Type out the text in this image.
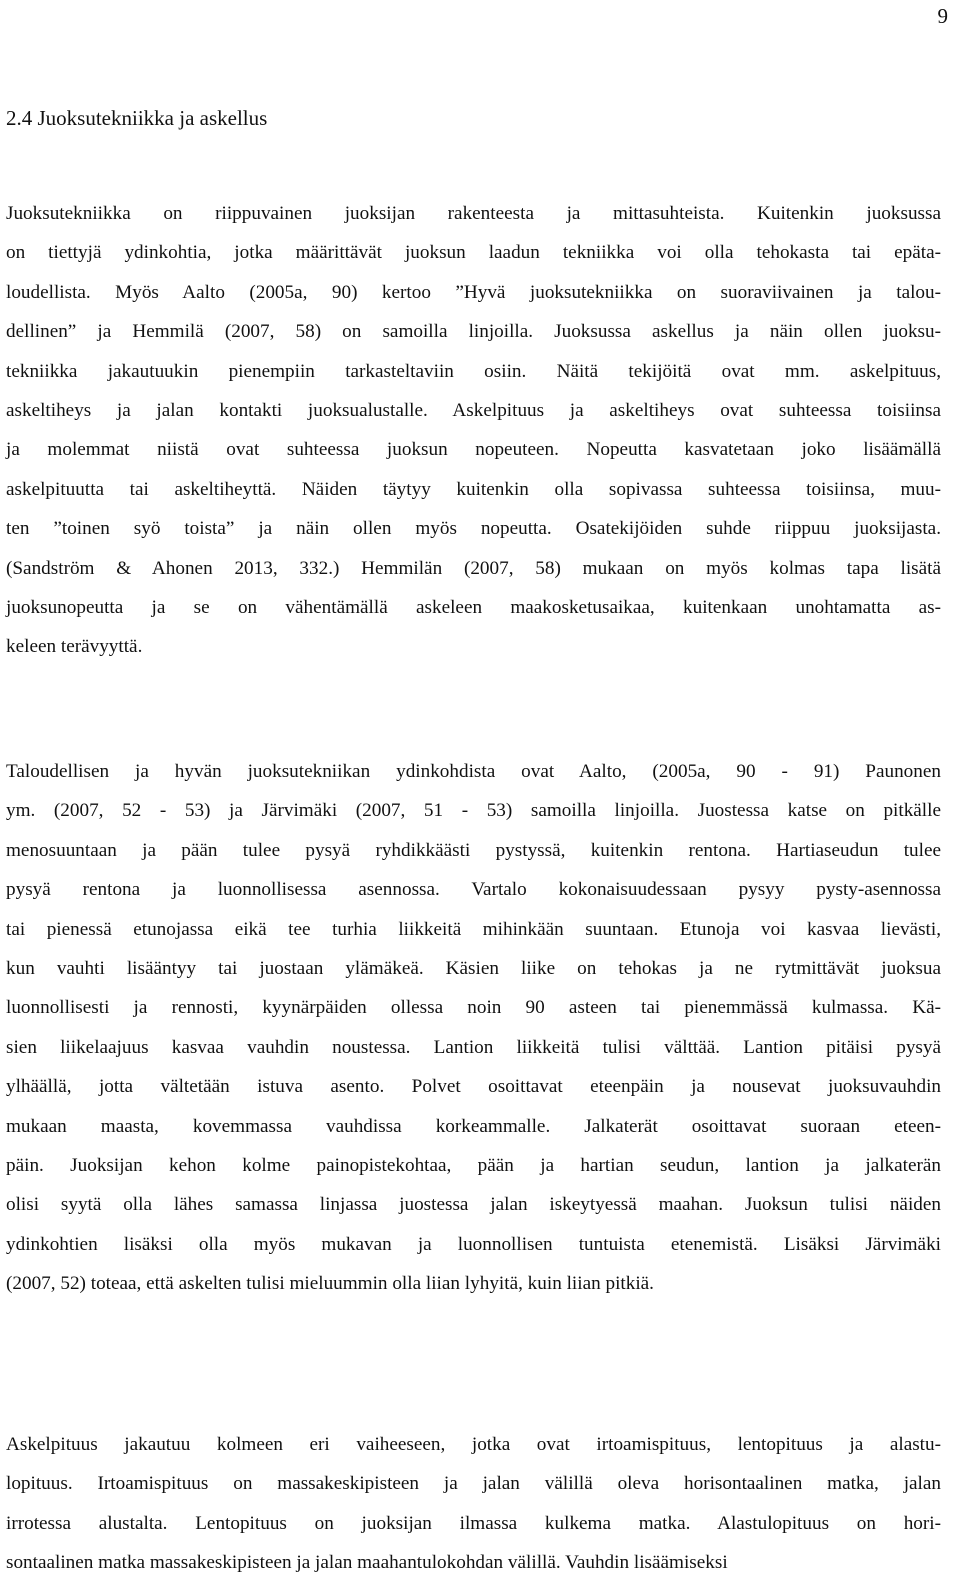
9
2.4 Juoksutekniikka ja askellus
Juoksutekniikka on riippuvainen juoksijan rakenteesta ja mittasuhteista. Kuitenkin juoksussa
on tiettyjä ydinkohtia, jotka määrittävät juoksun laadun tekniikka voi olla tehokasta tai epäta-
loudellista. Myös Aalto (2005a, 90) kertoo ”Hyvä juoksutekniikka on suoraviivainen ja talou-
dellinen” ja Hemmilä (2007, 58) on samoilla linjoilla. Juoksussa askellus ja näin ollen juoksu-
tekniikka jakautuukin pienempiin tarkasteltaviin osiin. Näitä tekijöitä ovat mm. askelpituus,
askeltiheys ja jalan kontakti juoksualustalle. Askelpituus ja askeltiheys ovat suhteessa toisiinsa
ja molemmat niistä ovat suhteessa juoksun nopeuteen. Nopeutta kasvatetaan joko lisäämällä
askelpituutta tai askeltiheyttä. Näiden täytyy kuitenkin olla sopivassa suhteessa toisiinsa, muu-
ten ”toinen syö toista” ja näin ollen myös nopeutta. Osatekijöiden suhde riippuu juoksijasta.
(Sandström & Ahonen 2013, 332.) Hemmilän (2007, 58) mukaan on myös kolmas tapa lisätä
juoksunopeutta ja se on vähentämällä askeleen maakosketusaikaa, kuitenkaan unohtamatta as-
keleen terävyyttä.
Taloudellisen ja hyvän juoksutekniikan ydinkohdista ovat Aalto, (2005a, 90 - 91) Paunonen
ym. (2007, 52 - 53) ja Järvimäki (2007, 51 - 53) samoilla linjoilla. Juostessa katse on pitkälle
menosuuntaan ja pään tulee pysyä ryhdikkäästi pystyssä, kuitenkin rentona. Hartiaseudun tulee
pysyä rentona ja luonnollisessa asennossa. Vartalo kokonaisuudessaan pysyy pysty-asennossa
tai pienessä etunojassa eikä tee turhia liikkeitä mihinkään suuntaan. Etunoja voi kasvaa lievästi,
kun vauhti lisääntyy tai juostaan ylämäkeä. Käsien liike on tehokas ja ne rytmittävät juoksua
luonnollisesti ja rennosti, kyynärpäiden ollessa noin 90 asteen tai pienemmässä kulmassa. Kä-
sien liikelaajuus kasvaa vauhdin noustessa. Lantion liikkeitä tulisi välttää. Lantion pitäisi pysyä
ylhäällä, jotta vältetään istuva asento. Polvet osoittavat eteenpäin ja nousevat juoksuvauhdin
mukaan maasta, kovemmassa vauhdissa korkeammalle. Jalkaterät osoittavat suoraan eteen-
päin. Juoksijan kehon kolme painopistekohtaa, pään ja hartian seudun, lantion ja jalkaterän
olisi syytä olla lähes samassa linjassa juostessa jalan iskeytyessä maahan. Juoksun tulisi näiden
ydinkohtien lisäksi olla myös mukavan ja luonnollisen tuntuista etenemistä. Lisäksi Järvimäki
(2007, 52) toteaa, että askelten tulisi mieluummin olla liian lyhyitä, kuin liian pitkiä.
Askelpituus jakautuu kolmeen eri vaiheeseen, jotka ovat irtoamispituus, lentopituus ja alastu-
lopituus. Irtoamispituus on massakeskipisteen ja jalan välillä oleva horisontaalinen matka, jalan
irrotessa alustalta. Lentopituus on juoksijan ilmassa kulkema matka. Alastulopituus on hori-
sontaalinen matka massakeskipisteen ja jalan maahantulokohdan välillä. Vauhdin lisäämiseksi
